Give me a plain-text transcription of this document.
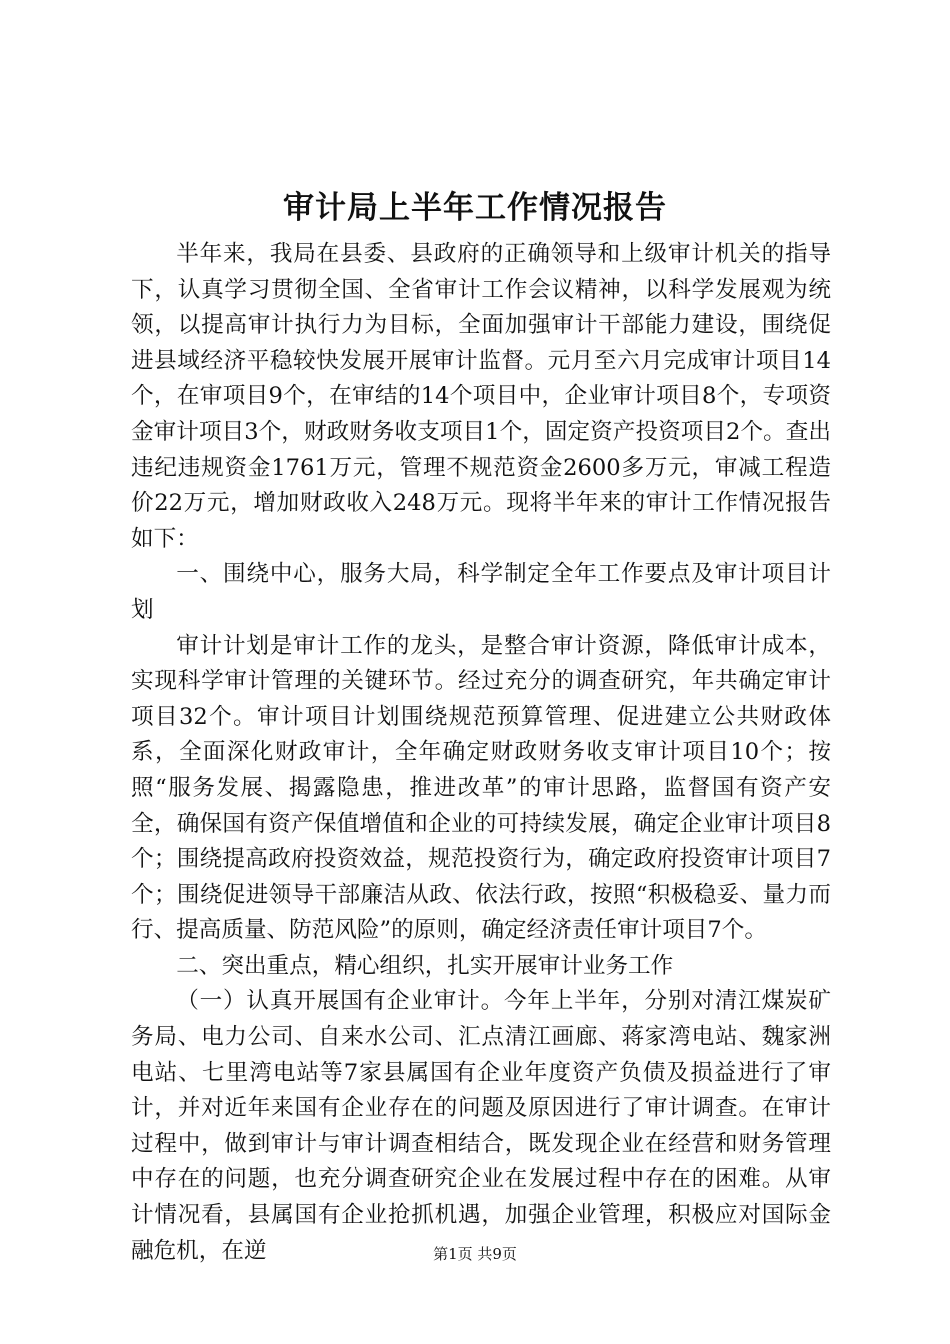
审计局上半年工作情况报告

半年来，我局在县委、县政府的正确领导和上级审计机关的指导下，认真学习贯彻全国、全省审计工作会议精神，以科学发展观为统领，以提高审计执行力为目标，全面加强审计干部能力建设，围绕促进县域经济平稳较快发展开展审计监督。元月至六月完成审计项目14个，在审项目9个，在审结的14个项目中，企业审计项目8个，专项资金审计项目3个，财政财务收支项目1个，固定资产投资项目2个。查出违纪违规资金1761万元，管理不规范资金2600多万元，审减工程造价22万元，增加财政收入248万元。现将半年来的审计工作情况报告如下：

一、围绕中心，服务大局，科学制定全年工作要点及审计项目计划

审计计划是审计工作的龙头，是整合审计资源，降低审计成本，实现科学审计管理的关键环节。经过充分的调查研究，年共确定审计项目32个。审计项目计划围绕规范预算管理、促进建立公共财政体系，全面深化财政审计，全年确定财政财务收支审计项目10个；按照“服务发展、揭露隐患，推进改革”的审计思路，监督国有资产安全，确保国有资产保值增值和企业的可持续发展，确定企业审计项目8个；围绕提高政府投资效益，规范投资行为，确定政府投资审计项目7个；围绕促进领导干部廉洁从政、依法行政，按照“积极稳妥、量力而行、提高质量、防范风险”的原则，确定经济责任审计项目7个。

二、突出重点，精心组织，扎实开展审计业务工作

（一）认真开展国有企业审计。今年上半年，分别对清江煤炭矿务局、电力公司、自来水公司、汇点清江画廊、蒋家湾电站、魏家洲电站、七里湾电站等7家县属国有企业年度资产负债及损益进行了审计，并对近年来国有企业存在的问题及原因进行了审计调查。在审计过程中，做到审计与审计调查相结合，既发现企业在经营和财务管理中存在的问题，也充分调查研究企业在发展过程中存在的困难。从审计情况看，县属国有企业抢抓机遇，加强企业管理，积极应对国际金融危机，在逆	第1页 共9页
